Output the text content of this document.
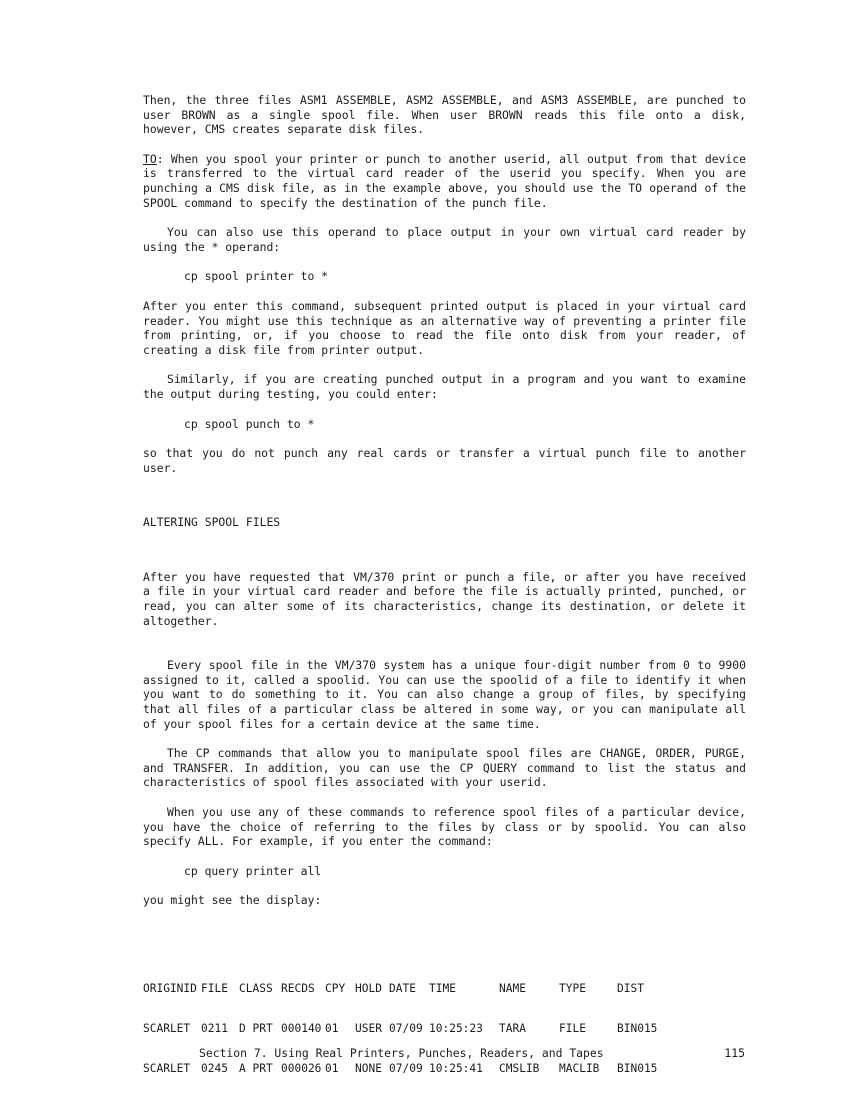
Then, the three files ASM1 ASSEMBLE, ASM2 ASSEMBLE, and ASM3 ASSEMBLE, are punched to user BROWN as a single spool file. When user BROWN reads this file onto a disk, however, CMS creates separate disk files.

TO: When you spool your printer or punch to another userid, all output from that device is transferred to the virtual card reader of the userid you specify. When you are punching a CMS disk file, as in the example above, you should use the TO operand of the SPOOL command to specify the destination of the punch file.

You can also use this operand to place output in your own virtual card reader by using the * operand:

cp spool printer to *

After you enter this command, subsequent printed output is placed in your virtual card reader. You might use this technique as an alternative way of preventing a printer file from printing, or, if you choose to read the file onto disk from your reader, of creating a disk file from printer output.

Similarly, if you are creating punched output in a program and you want to examine the output during testing, you could enter:

cp spool punch to *

so that you do not punch any real cards or transfer a virtual punch file to another user.

ALTERING SPOOL FILES

After you have requested that VM/370 print or punch a file, or after you have received a file in your virtual card reader and before the file is actually printed, punched, or read, you can alter some of its characteristics, change its destination, or delete it altogether.

Every spool file in the VM/370 system has a unique four-digit number from 0 to 9900 assigned to it, called a spoolid. You can use the spoolid of a file to identify it when you want to do something to it. You can also change a group of files, by specifying that all files of a particular class be altered in some way, or you can manipulate all of your spool files for a certain device at the same time.

The CP commands that allow you to manipulate spool files are CHANGE, ORDER, PURGE, and TRANSFER. In addition, you can use the CP QUERY command to list the status and characteristics of spool files associated with your userid.

When you use any of these commands to reference spool files of a particular device, you have the choice of referring to the files by class or by spoolid. You can also specify ALL. For example, if you enter the command:

cp query printer all

you might see the display:

ORIGINID FILE CLASS RECDS CPY HOLD DATE	TIME	NAME	TYPE	DIST

SCARLET 0211 D PRT 000140 01	USER 07/09 10:25:23	TARA	FILE	BIN015

SCARLET 0245 A PRT 000026 01	NONE 07/09 10:25:41	CMSLIB	MACLIB	BIN015

Section 7. Using Real Printers, Punches, Readers, and Tapes	115
